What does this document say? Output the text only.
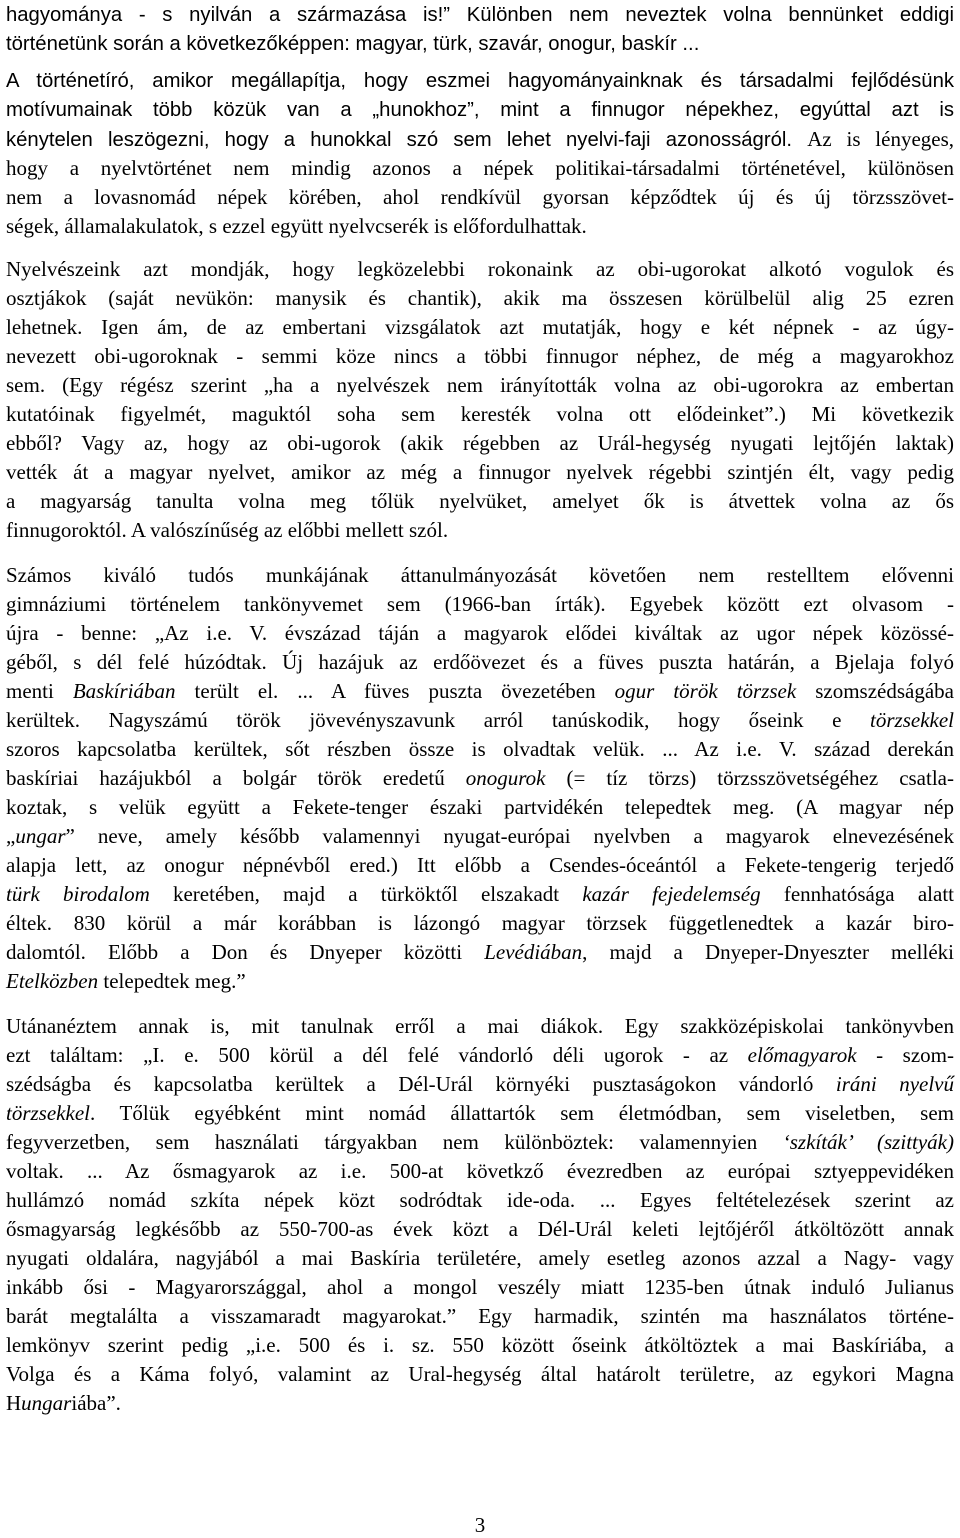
hagyománya - s nyilván a származása is!” Különben nem neveztek volna bennünket eddigi
történetünk során a következőképpen: magyar, türk, szavár, onogur, baskír ...
A történetíró, amikor megállapítja, hogy eszmei hagyományainknak és társadalmi fejlődésünk
motívumainak több közük van a „hunokhoz”, mint a finnugor népekhez, egyúttal azt is
kénytelen leszögezni, hogy a hunokkal szó sem lehet nyelvi-faji azonosságról. Az is lényeges,
hogy a nyelvtörténet nem mindig azonos a népek politikai-társadalmi történetével, különösen
nem a lovasnomád népek körében, ahol rendkívül gyorsan képződtek új és új törzsszövet-
ségek, államalakulatok, s ezzel együtt nyelvcserék is előfordulhattak.
Nyelvészeink azt mondják, hogy legközelebbi rokonaink az obi-ugorokat alkotó vogulok és
osztjákok (saját nevükön: manysik és chantik), akik ma összesen körülbelül alig 25 ezren
lehetnek. Igen ám, de az embertani vizsgálatok azt mutatják, hogy e két népnek - az úgy-
nevezett obi-ugoroknak - semmi köze nincs a többi finnugor néphez, de még a magyarokhoz
sem. (Egy régész szerint „ha a nyelvészek nem irányították volna az obi-ugorokra az embertan
kutatóinak figyelmét, maguktól soha sem keresték volna ott elődeinket”.) Mi következik
ebből? Vagy az, hogy az obi-ugorok (akik régebben az Urál-hegység nyugati lejtőjén laktak)
vették át a magyar nyelvet, amikor az még a finnugor nyelvek régebbi szintjén élt, vagy pedig
a magyarság tanulta volna meg tőlük nyelvüket, amelyet ők is átvettek volna az ős
finnugoroktól. A valószínűség az előbbi mellett szól.
Számos kiváló tudós munkájának áttanulmányozását követően nem restelltem elővenni
gimnáziumi történelem tankönyvemet sem (1966-ban írták). Egyebek között ezt olvasom -
újra - benne: „Az i.e. V. évszázad táján a magyarok elődei kiváltak az ugor népek közössé-
géből, s dél felé húzódtak. Új hazájuk az erdőövezet és a füves puszta határán, a Bjelaja folyó
menti Baskíriában terült el. ... A füves puszta övezetében ogur török törzsek szomszédságába
kerültek. Nagyszámú török jövevényszavunk arról tanúskodik, hogy őseink e törzsekkel
szoros kapcsolatba kerültek, sőt részben össze is olvadtak velük. ... Az i.e. V. század derekán
baskíriai hazájukból a bolgár török eredetű onogurok (= tíz törzs) törzsszövetségéhez csatla-
koztak, s velük együtt a Fekete-tenger északi partvidékén telepedtek meg. (A magyar nép
„ungar” neve, amely később valamennyi nyugat-európai nyelvben a magyarok elnevezésének
alapja lett, az onogur népnévből ered.) Itt előbb a Csendes-óceántól a Fekete-tengerig terjedő
türk birodalom keretében, majd a türköktől elszakadt kazár fejedelemség fennhatósága alatt
éltek. 830 körül a már korábban is lázongó magyar törzsek függetlenedtek a kazár biro-
dalomtól. Előbb a Don és Dnyeper közötti Levédiában, majd a Dnyeper-Dnyeszter melléki
Etelközben telepedtek meg.”
Utánanéztem annak is, mit tanulnak erről a mai diákok. Egy szakközépiskolai tankönyvben
ezt találtam: „I. e. 500 körül a dél felé vándorló déli ugorok - az előmagyarok - szom-
szédságba és kapcsolatba kerültek a Dél-Urál környéki pusztaságokon vándorló iráni nyelvű
törzsekkel. Tőlük egyébként mint nomád állattartók sem életmódban, sem viseletben, sem
fegyverzetben, sem használati tárgyakban nem különböztek: valamennyien ‘szkíták’ (szittyák)
voltak. ... Az ősmagyarok az i.e. 500-at követkző évezredben az európai sztyeppevidéken
hullámzó nomád szkíta népek közt sodródtak ide-oda. ... Egyes feltételezések szerint az
ősmagyarság legkésőbb az 550-700-as évek közt a Dél-Urál keleti lejtőjéről átköltözött annak
nyugati oldalára, nagyjából a mai Baskíria területére, amely esetleg azonos azzal a Nagy- vagy
inkább ősi - Magyarországgal, ahol a mongol veszély miatt 1235-ben útnak induló Julianus
barát megtalálta a visszamaradt magyarokat.” Egy harmadik, szintén ma használatos történe-
lemkönyv szerint pedig „i.e. 500 és i. sz. 550 között őseink átköltöztek a mai Baskíriába, a
Volga és a Káma folyó, valamint az Ural-hegység által határolt területre, az egykori Magna
Hungariába”.
3
